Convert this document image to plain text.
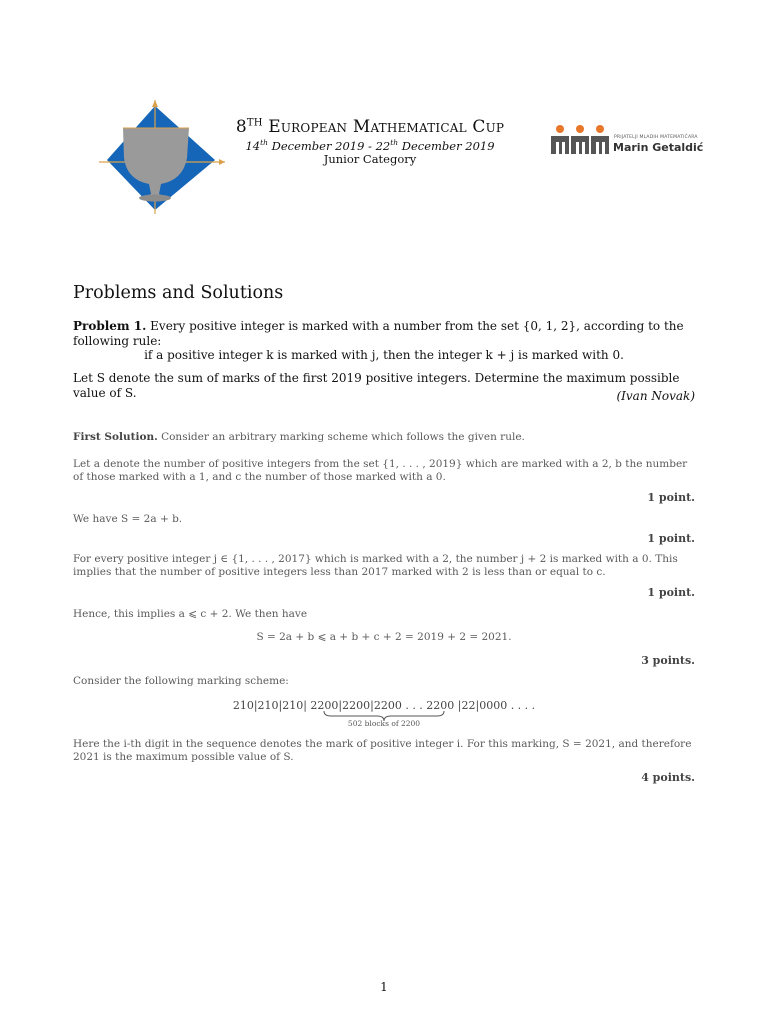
8TH European Mathematical Cup
14th December 2019 - 22th December 2019
Junior Category
PRIJATELJI MLADIH MATEMATIČARA
Marin Getaldić
Problems and Solutions
Problem 1. Every positive integer is marked with a number from the set {0, 1, 2}, according to the following rule:
if a positive integer k is marked with j, then the integer k + j is marked with 0.
Let S denote the sum of marks of the first 2019 positive integers. Determine the maximum possible value of S.	(Ivan Novak)
First Solution. Consider an arbitrary marking scheme which follows the given rule.
Let a denote the number of positive integers from the set {1, . . . , 2019} which are marked with a 2, b the number of those marked with a 1, and c the number of those marked with a 0.
1 point.
We have S = 2a + b.
1 point.
For every positive integer j ∈ {1, . . . , 2017} which is marked with a 2, the number j + 2 is marked with a 0. This implies that the number of positive integers less than 2017 marked with 2 is less than or equal to c.
1 point.
Hence, this implies a ⩽ c + 2. We then have
S = 2a + b ⩽ a + b + c + 2 = 2019 + 2 = 2021.
3 points.
Consider the following marking scheme:
210|210|210| 2200|2200|2200 . . . 2200 |22|0000 . . . .
502 blocks of 2200
Here the i-th digit in the sequence denotes the mark of positive integer i. For this marking, S = 2021, and therefore 2021 is the maximum possible value of S.
4 points.
1
